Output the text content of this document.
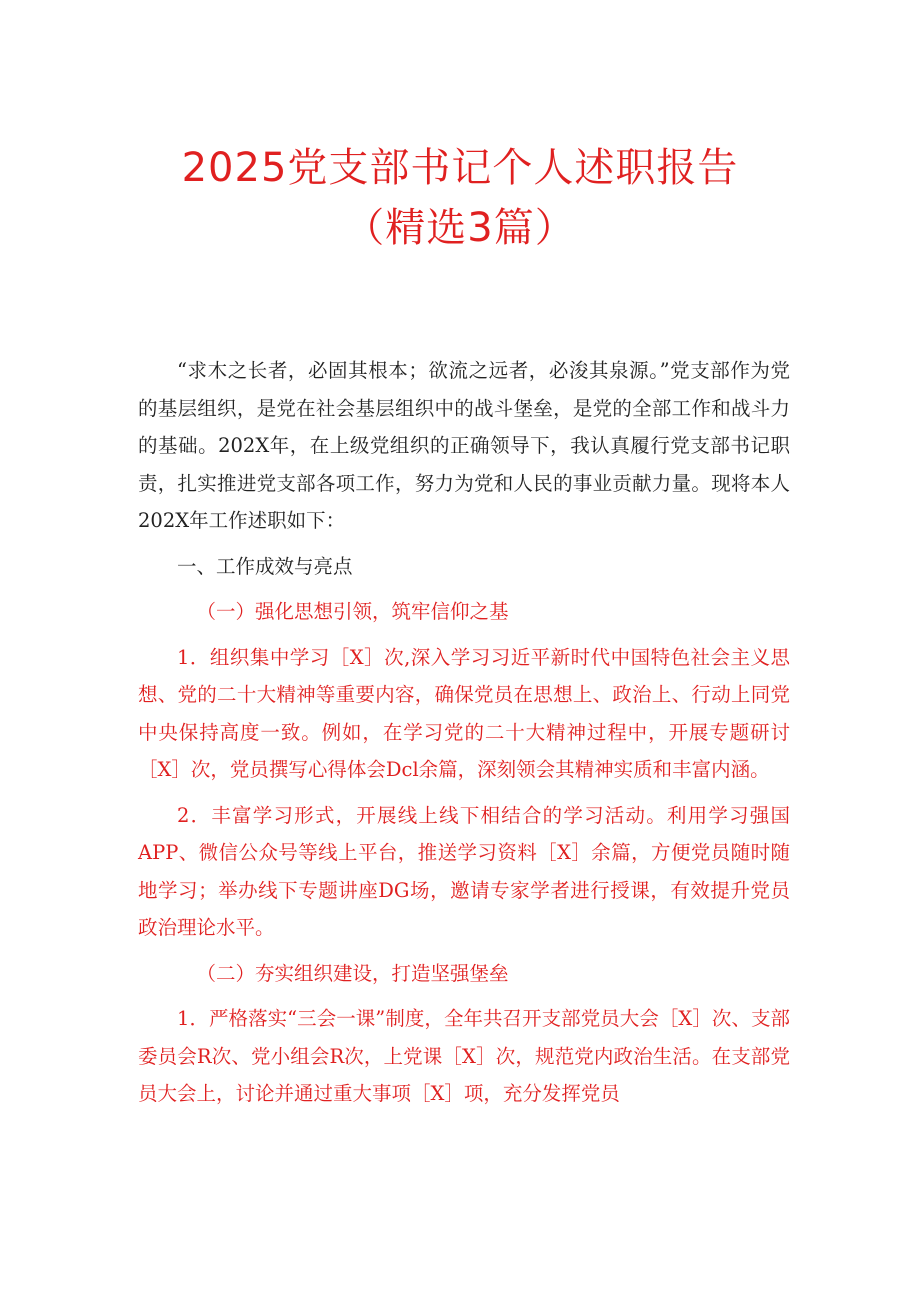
2025党支部书记个人述职报告
（精选3篇）

“求木之长者，必固其根本；欲流之远者，必浚其泉源。”党支部作为党的基层组织，是党在社会基层组织中的战斗堡垒，是党的全部工作和战斗力的基础。202X年，在上级党组织的正确领导下，我认真履行党支部书记职责，扎实推进党支部各项工作，努力为党和人民的事业贡献力量。现将本人202X年工作述职如下：

一、工作成效与亮点

（一）强化思想引领，筑牢信仰之基

1．组织集中学习［X］次,深入学习习近平新时代中国特色社会主义思想、党的二十大精神等重要内容，确保党员在思想上、政治上、行动上同党中央保持高度一致。例如，在学习党的二十大精神过程中，开展专题研讨［X］次，党员撰写心得体会Dcl余篇，深刻领会其精神实质和丰富内涵。

2．丰富学习形式，开展线上线下相结合的学习活动。利用学习强国APP、微信公众号等线上平台，推送学习资料［X］余篇，方便党员随时随地学习；举办线下专题讲座DG场，邀请专家学者进行授课，有效提升党员政治理论水平。

（二）夯实组织建设，打造坚强堡垒

1．严格落实“三会一课”制度，全年共召开支部党员大会［X］次、支部委员会R次、党小组会R次，上党课［X］次，规范党内政治生活。在支部党员大会上，讨论并通过重大事项［X］项，充分发挥党员
